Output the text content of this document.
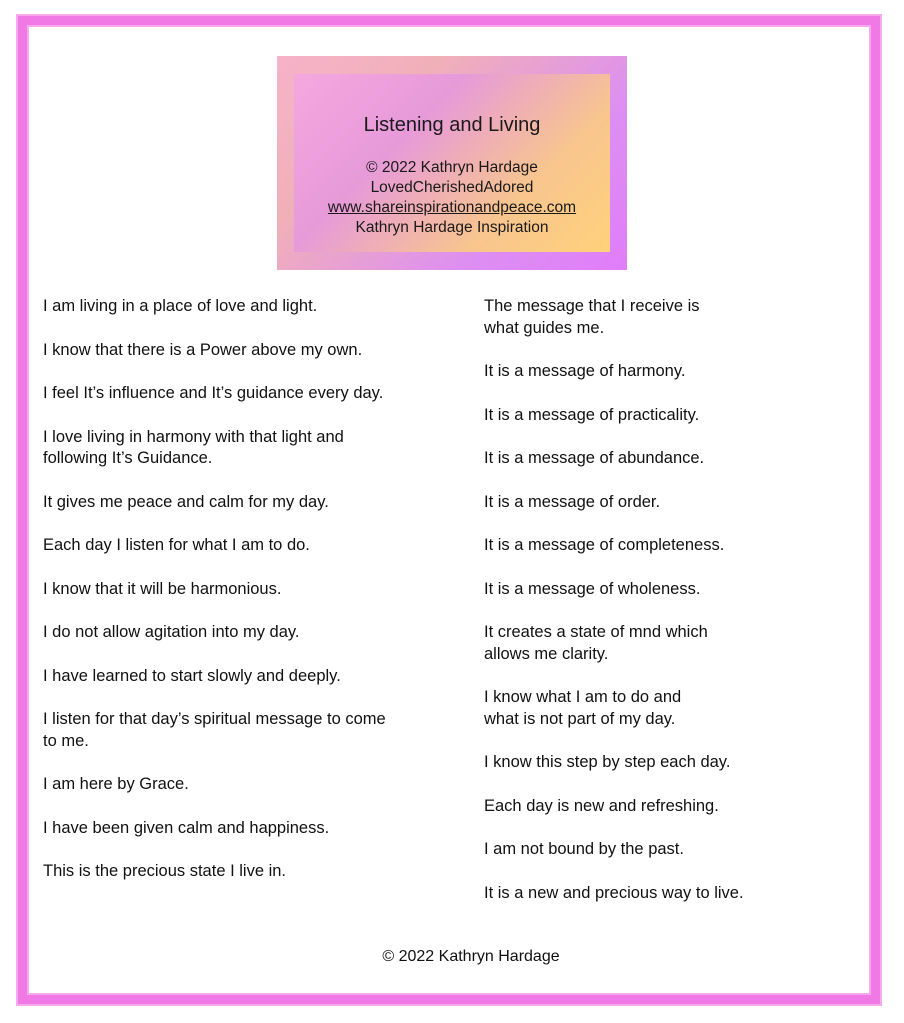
Listening and Living
© 2022 Kathryn Hardage
LovedCherishedAdored
www.shareinspirationandpeace.com
Kathryn Hardage Inspiration
I am living in a place of love and light.
I know that there is a Power above my own.
I feel It’s influence and It’s guidance every day.
I love living in harmony with that light and following It’s Guidance.
It gives me peace and calm for my day.
Each day I listen for what I am to do.
I know that it will be harmonious.
I do not allow agitation into my day.
I have learned to start slowly and deeply.
I listen for that day’s spiritual message to come to me.
I am here by Grace.
I have been given calm and happiness.
This is the precious state I live in.
The message that I receive is
what guides me.
It is a message of harmony.
It is a message of practicality.
It is a message of abundance.
It is a message of order.
It is a message of completeness.
It is a message of wholeness.
It creates a state of mnd which
allows me clarity.
I know what I am to do and
what is not part of my day.
I know this step by step each day.
Each day is new and refreshing.
I am not bound by the past.
It is a new and precious way to live.
© 2022 Kathryn Hardage
